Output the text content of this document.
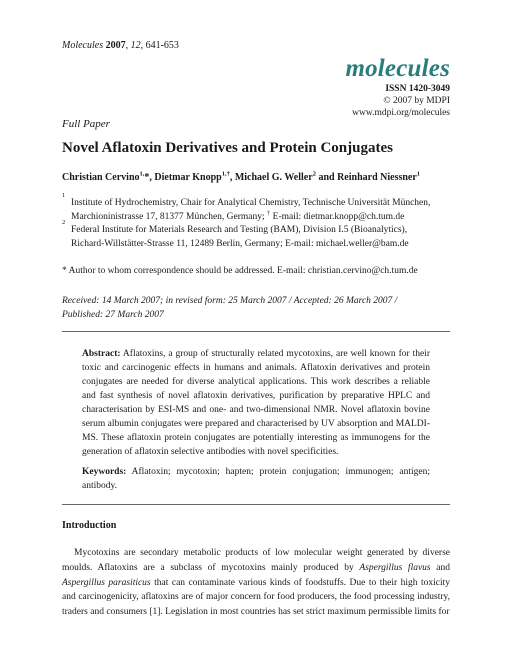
Molecules 2007, 12, 641-653
molecules
ISSN 1420-3049
© 2007 by MDPI
www.mdpi.org/molecules
Full Paper
Novel Aflatoxin Derivatives and Protein Conjugates
Christian Cervino$^{1,}$*, Dietmar Knopp$^{1,\dagger}$, Michael G. Weller$^2$ and Reinhard Niessner$^1$
1
Institute of Hydrochemistry, Chair for Analytical Chemistry, Technische Universität München,
Marchioninistrasse 17, 81377 München, Germany; † E-mail: dietmar.knopp@ch.tum.de
2
Federal Institute for Materials Research and Testing (BAM), Division I.5 (Bioanalytics),
Richard-Willstätter-Strasse 11, 12489 Berlin, Germany; E-mail: michael.weller@bam.de
* Author to whom correspondence should be addressed. E-mail: christian.cervino@ch.tum.de
Received: 14 March 2007; in revised form: 25 March 2007 / Accepted: 26 March 2007 /
Published: 27 March 2007
Abstract: Aflatoxins, a group of structurally related mycotoxins, are well known for their toxic and carcinogenic effects in humans and animals. Aflatoxin derivatives and protein conjugates are needed for diverse analytical applications. This work describes a reliable and fast synthesis of novel aflatoxin derivatives, purification by preparative HPLC and characterisation by ESI-MS and one- and two-dimensional NMR. Novel aflatoxin bovine serum albumin conjugates were prepared and characterised by UV absorption and MALDI-MS. These aflatoxin protein conjugates are potentially interesting as immunogens for the generation of aflatoxin selective antibodies with novel specificities.
Keywords: Aflatoxin; mycotoxin; hapten; protein conjugation; immunogen; antigen; antibody.
Introduction
Mycotoxins are secondary metabolic products of low molecular weight generated by diverse moulds. Aflatoxins are a subclass of mycotoxins mainly produced by Aspergillus flavus and Aspergillus parasiticus that can contaminate various kinds of foodstuffs. Due to their high toxicity and carcinogenicity, aflatoxins are of major concern for food producers, the food processing industry, traders and consumers [1]. Legislation in most countries has set strict maximum permissible limits for
